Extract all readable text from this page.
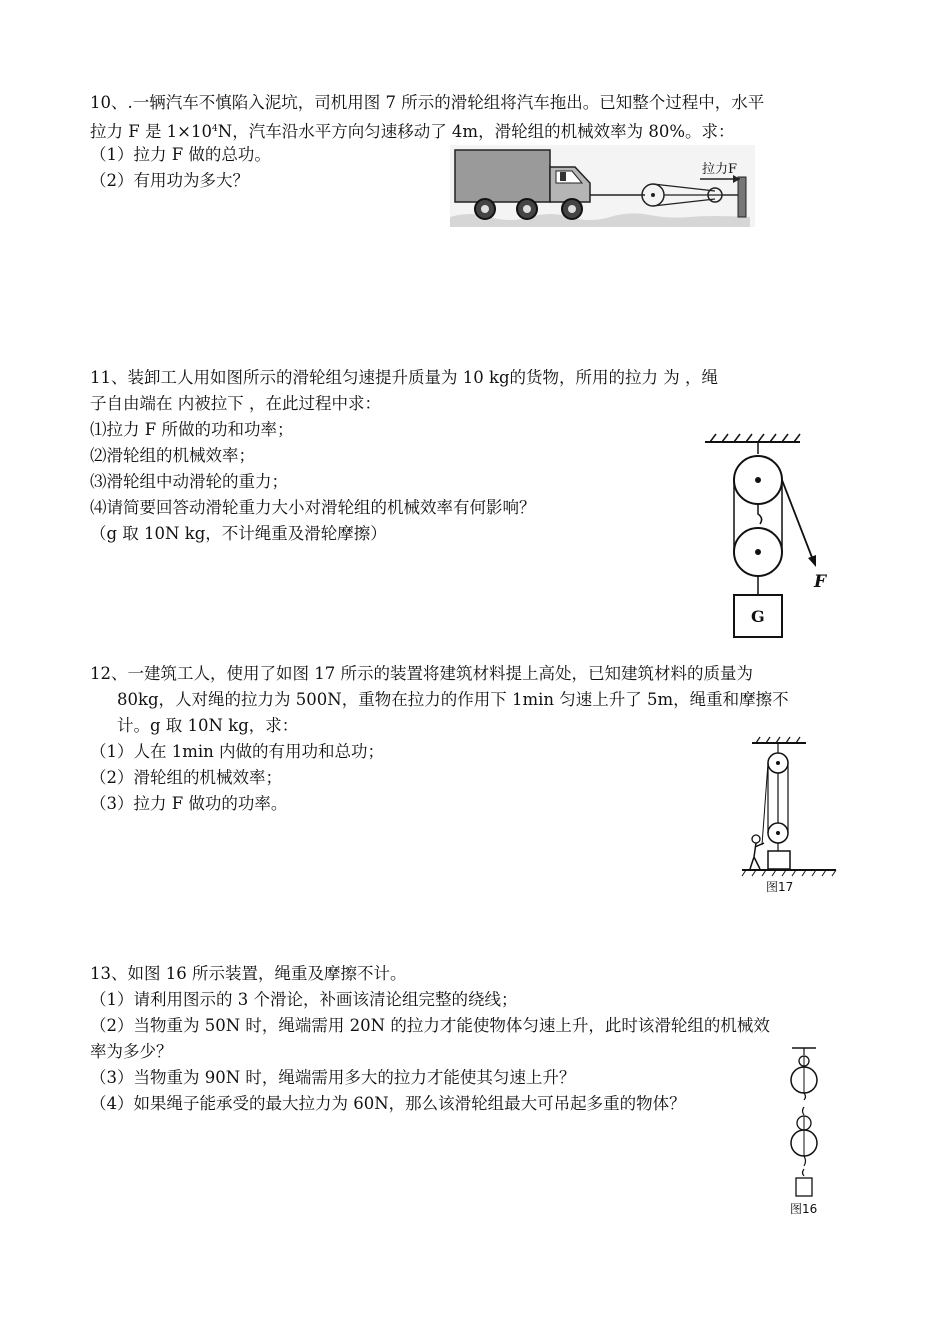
10、.一辆汽车不慎陷入泥坑，司机用图 7 所示的滑轮组将汽车拖出。已知整个过程中，水平
拉力 F 是 $1\times 10^4N$，汽车沿水平方向匀速移动了 4m，滑轮组的机械效率为 80%。求：
（1）拉力 F 做的总功。
（2）有用功为多大？
拉力F
11、装卸工人用如图所示的滑轮组匀速提升质量为 10 kg的货物，所用的拉力 为 ，绳
子自由端在 内被拉下 ，在此过程中求：
⑴拉力 F 所做的功和功率；
⑵滑轮组的机械效率；
⑶滑轮组中动滑轮的重力；
⑷请简要回答动滑轮重力大小对滑轮组的机械效率有何影响？
（g 取 10N kg，不计绳重及滑轮摩擦）
F
G
12、一建筑工人，使用了如图 17 所示的装置将建筑材料提上高处，已知建筑材料的质量为
80kg，人对绳的拉力为 500N，重物在拉力的作用下 1min 匀速上升了 5m，绳重和摩擦不
计。g 取 10N kg，求：
（1）人在 1min 内做的有用功和总功；
（2）滑轮组的机械效率；
（3）拉力 F 做功的功率。
图17
13、如图 16 所示装置，绳重及摩擦不计。
（1）请利用图示的 3 个滑论，补画该清论组完整的绕线；
（2）当物重为 50N 时，绳端需用 20N 的拉力才能使物体匀速上升，此时该滑轮组的机械效
率为多少？
（3）当物重为 90N 时，绳端需用多大的拉力才能使其匀速上升？
（4）如果绳子能承受的最大拉力为 60N，那么该滑轮组最大可吊起多重的物体？
图16
